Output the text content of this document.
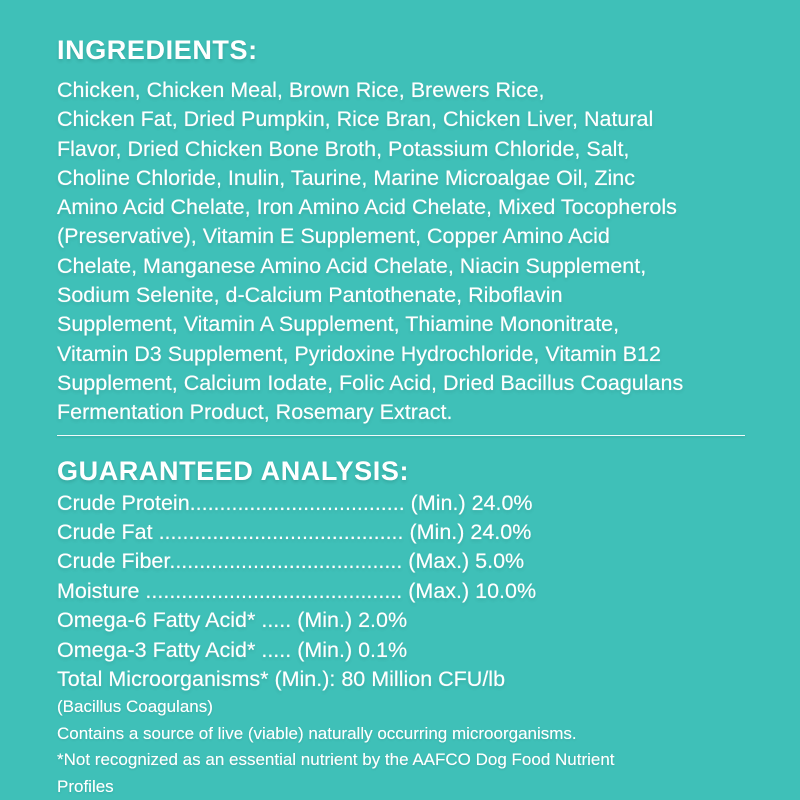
INGREDIENTS:
Chicken, Chicken Meal, Brown Rice, Brewers Rice,
Chicken Fat, Dried Pumpkin, Rice Bran, Chicken Liver, Natural
Flavor, Dried Chicken Bone Broth, Potassium Chloride, Salt,
Choline Chloride, Inulin, Taurine, Marine Microalgae Oil, Zinc
Amino Acid Chelate, Iron Amino Acid Chelate, Mixed Tocopherols
(Preservative), Vitamin E Supplement, Copper Amino Acid
Chelate, Manganese Amino Acid Chelate, Niacin Supplement,
Sodium Selenite, d-Calcium Pantothenate, Riboflavin
Supplement, Vitamin A Supplement, Thiamine Mononitrate,
Vitamin D3 Supplement, Pyridoxine Hydrochloride, Vitamin B12
Supplement, Calcium Iodate, Folic Acid, Dried Bacillus Coagulans
Fermentation Product, Rosemary Extract.
GUARANTEED ANALYSIS:
Crude Protein.................................... (Min.) 24.0%
Crude Fat ......................................... (Min.) 24.0%
Crude Fiber....................................... (Max.) 5.0%
Moisture ........................................... (Max.) 10.0%
Omega-6 Fatty Acid* ..... (Min.) 2.0%
Omega-3 Fatty Acid* ..... (Min.) 0.1%
Total Microorganisms* (Min.): 80 Million CFU/lb
(Bacillus Coagulans)
Contains a source of live (viable) naturally occurring microorganisms.
*Not recognized as an essential nutrient by the AAFCO Dog Food Nutrient
Profiles
